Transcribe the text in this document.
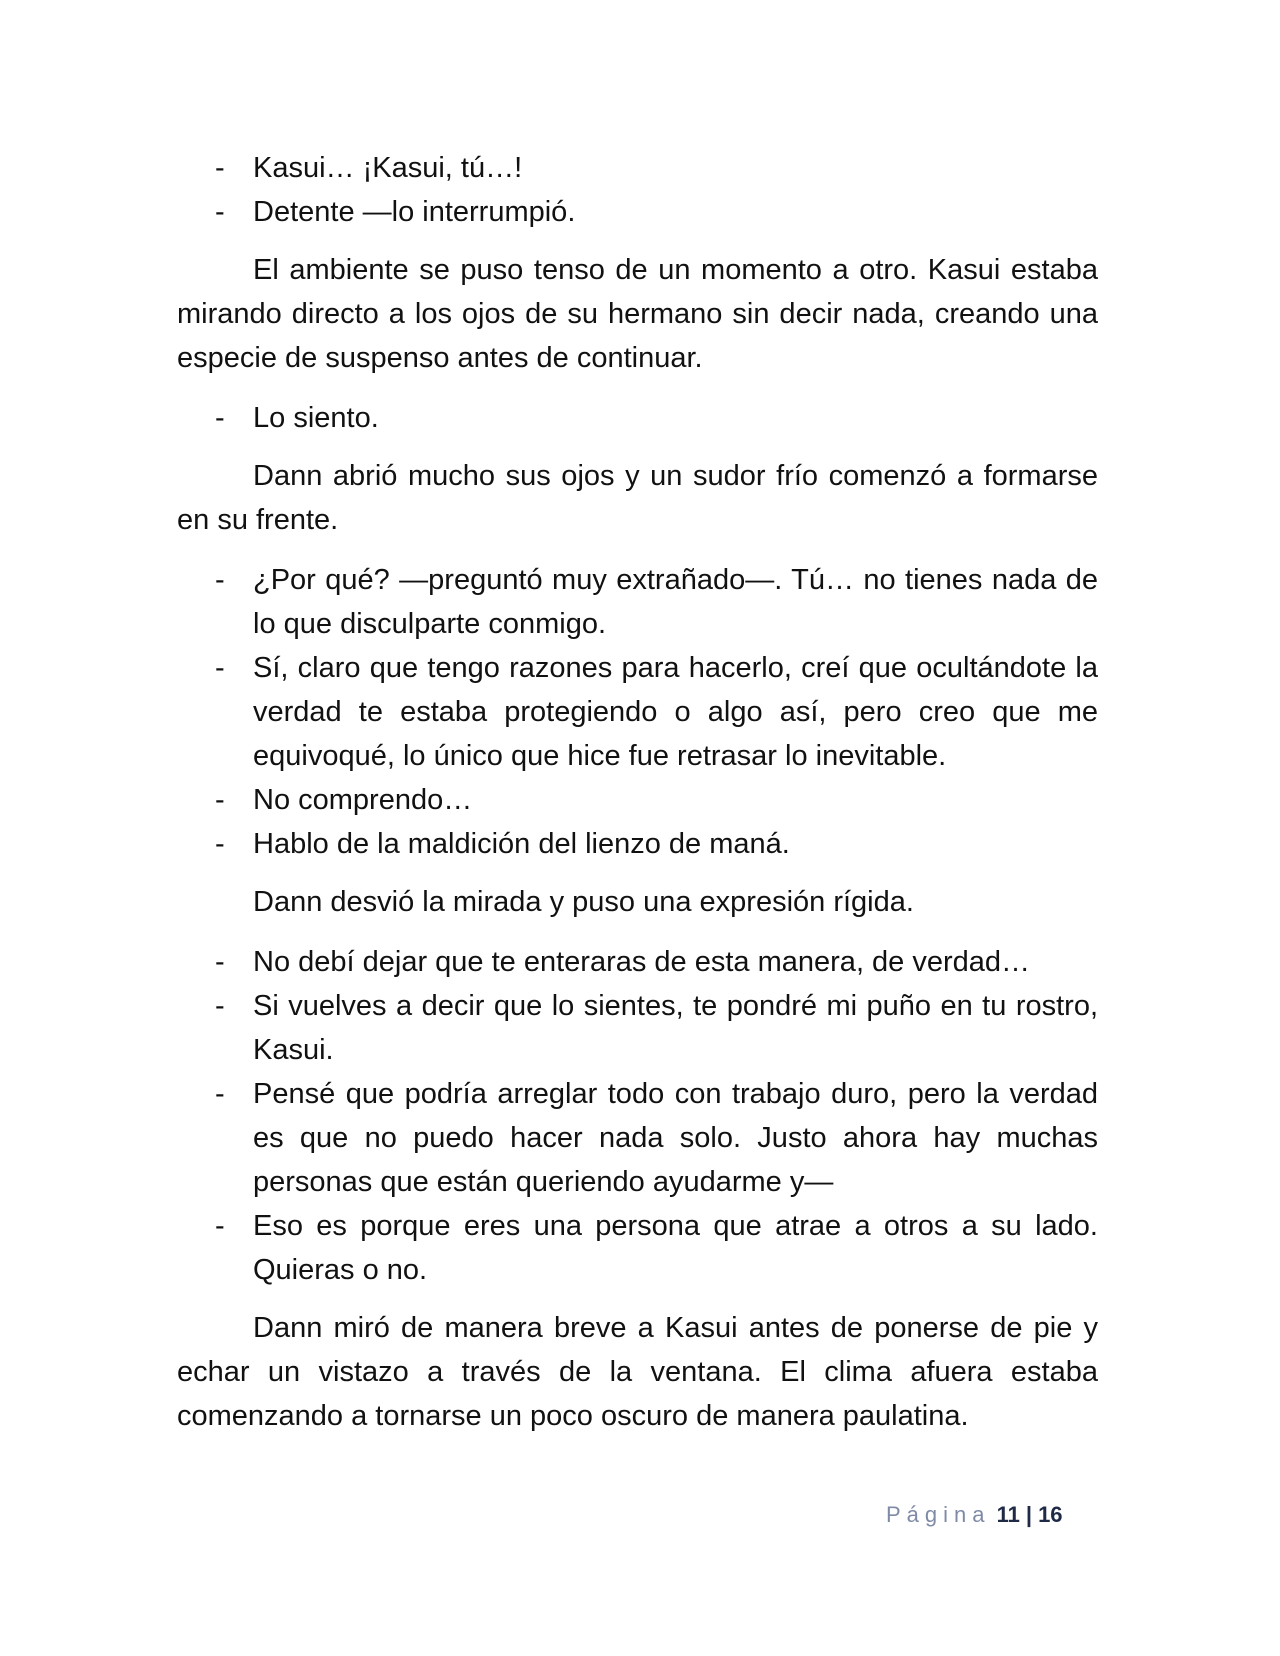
- Kasui… ¡Kasui, tú…!
- Detente —lo interrumpió.

El ambiente se puso tenso de un momento a otro. Kasui estaba mirando directo a los ojos de su hermano sin decir nada, creando una especie de suspenso antes de continuar.

- Lo siento.

Dann abrió mucho sus ojos y un sudor frío comenzó a formarse en su frente.

- ¿Por qué? —preguntó muy extrañado—. Tú… no tienes nada de lo que disculparte conmigo.
- Sí, claro que tengo razones para hacerlo, creí que ocultándote la verdad te estaba protegiendo o algo así, pero creo que me equivoqué, lo único que hice fue retrasar lo inevitable.
- No comprendo…
- Hablo de la maldición del lienzo de maná.

Dann desvió la mirada y puso una expresión rígida.

- No debí dejar que te enteraras de esta manera, de verdad…
- Si vuelves a decir que lo sientes, te pondré mi puño en tu rostro, Kasui.
- Pensé que podría arreglar todo con trabajo duro, pero la verdad es que no puedo hacer nada solo. Justo ahora hay muchas personas que están queriendo ayudarme y—
- Eso es porque eres una persona que atrae a otros a su lado. Quieras o no.

Dann miró de manera breve a Kasui antes de ponerse de pie y echar un vistazo a través de la ventana. El clima afuera estaba comenzando a tornarse un poco oscuro de manera paulatina.

Página 11 | 16
